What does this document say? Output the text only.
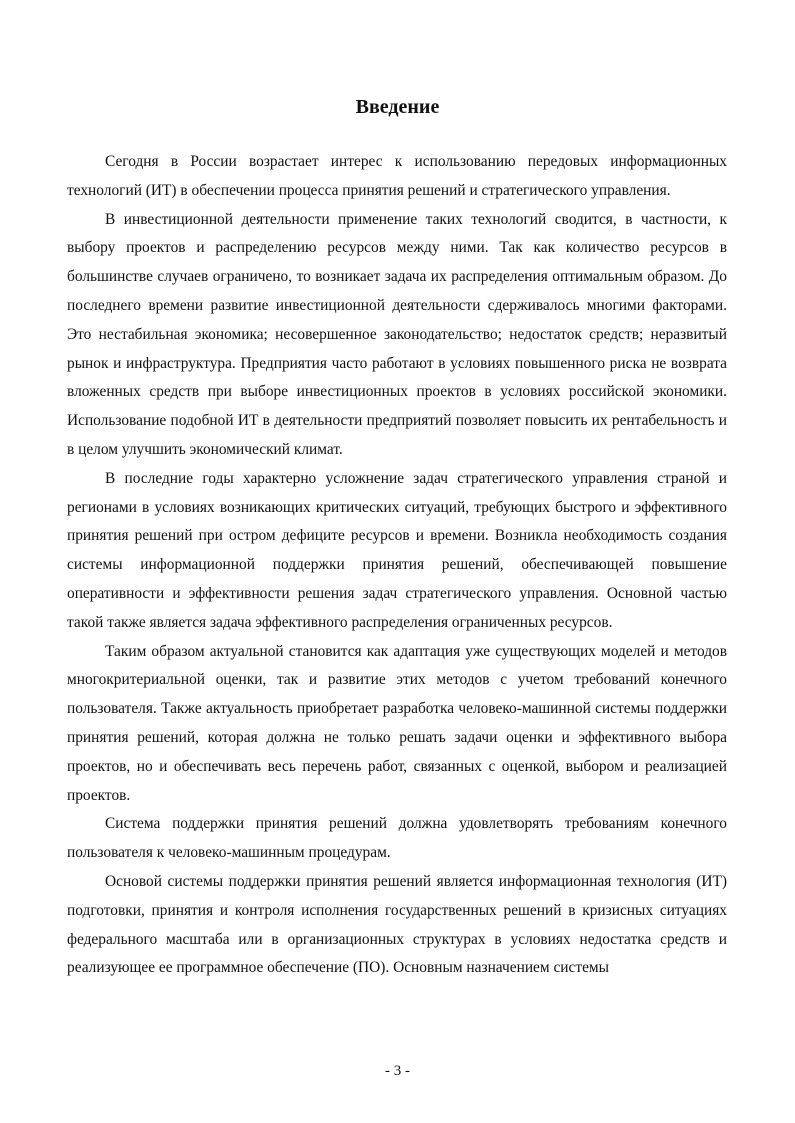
Введение

Сегодня в России возрастает интерес к использованию передовых информационных технологий (ИТ) в обеспечении процесса принятия решений и стратегического управления.

В инвестиционной деятельности применение таких технологий сводится, в частности, к выбору проектов и распределению ресурсов между ними. Так как количество ресурсов в большинстве случаев ограничено, то возникает задача их распределения оптимальным образом. До последнего времени развитие инвестиционной деятельности сдерживалось многими факторами. Это нестабильная экономика; несовершенное законодательство; недостаток средств; неразвитый рынок и инфраструктура. Предприятия часто работают в условиях повышенного риска не возврата вложенных средств при выборе инвестиционных проектов в условиях российской экономики. Использование подобной ИТ в деятельности предприятий позволяет повысить их рентабельность и в целом улучшить экономический климат.

В последние годы характерно усложнение задач стратегического управления страной и регионами в условиях возникающих критических ситуаций, требующих быстрого и эффективного принятия решений при остром дефиците ресурсов и времени. Возникла необходимость создания системы информационной поддержки принятия решений, обеспечивающей повышение оперативности и эффективности решения задач стратегического управления. Основной частью такой также является задача эффективного распределения ограниченных ресурсов.

Таким образом актуальной становится как адаптация уже существующих моделей и методов многокритериальной оценки, так и развитие этих методов с учетом требований конечного пользователя. Также актуальность приобретает разработка человеко-машинной системы поддержки принятия решений, которая должна не только решать задачи оценки и эффективного выбора проектов, но и обеспечивать весь перечень работ, связанных с оценкой, выбором и реализацией проектов.

Система поддержки принятия решений должна удовлетворять требованиям конечного пользователя к человеко-машинным процедурам.

Основой системы поддержки принятия решений является информационная технология (ИТ) подготовки, принятия и контроля исполнения государственных решений в кризисных ситуациях федерального масштаба или в организационных структурах в условиях недостатка средств и реализующее ее программное обеспечение (ПО). Основным назначением системы

- 3 -
